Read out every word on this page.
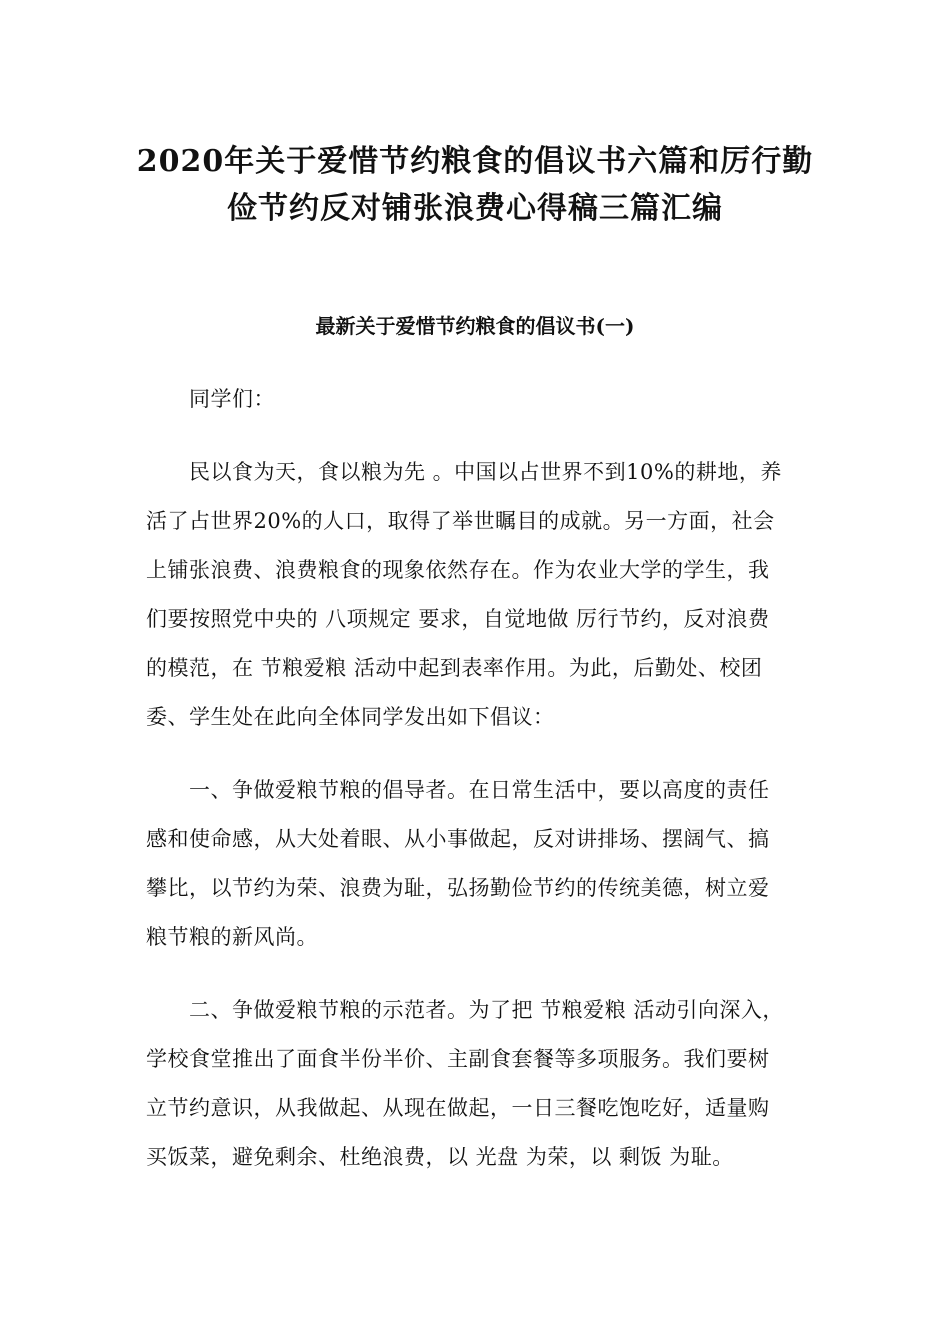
2020年关于爱惜节约粮食的倡议书六篇和厉行勤
俭节约反对铺张浪费心得稿三篇汇编
最新关于爱惜节约粮食的倡议书(一)
　　同学们：
　　民以食为天，食以粮为先 。中国以占世界不到10%的耕地，养
活了占世界20%的人口，取得了举世瞩目的成就。另一方面，社会
上铺张浪费、浪费粮食的现象依然存在。作为农业大学的学生，我
们要按照党中央的 八项规定 要求，自觉地做 厉行节约，反对浪费
的模范，在 节粮爱粮 活动中起到表率作用。为此，后勤处、校团
委、学生处在此向全体同学发出如下倡议：
　　一、争做爱粮节粮的倡导者。在日常生活中，要以高度的责任
感和使命感，从大处着眼、从小事做起，反对讲排场、摆阔气、搞
攀比，以节约为荣、浪费为耻，弘扬勤俭节约的传统美德，树立爱
粮节粮的新风尚。
　　二、争做爱粮节粮的示范者。为了把 节粮爱粮 活动引向深入，
学校食堂推出了面食半份半价、主副食套餐等多项服务。我们要树
立节约意识，从我做起、从现在做起，一日三餐吃饱吃好，适量购
买饭菜，避免剩余、杜绝浪费，以 光盘 为荣，以 剩饭 为耻。
